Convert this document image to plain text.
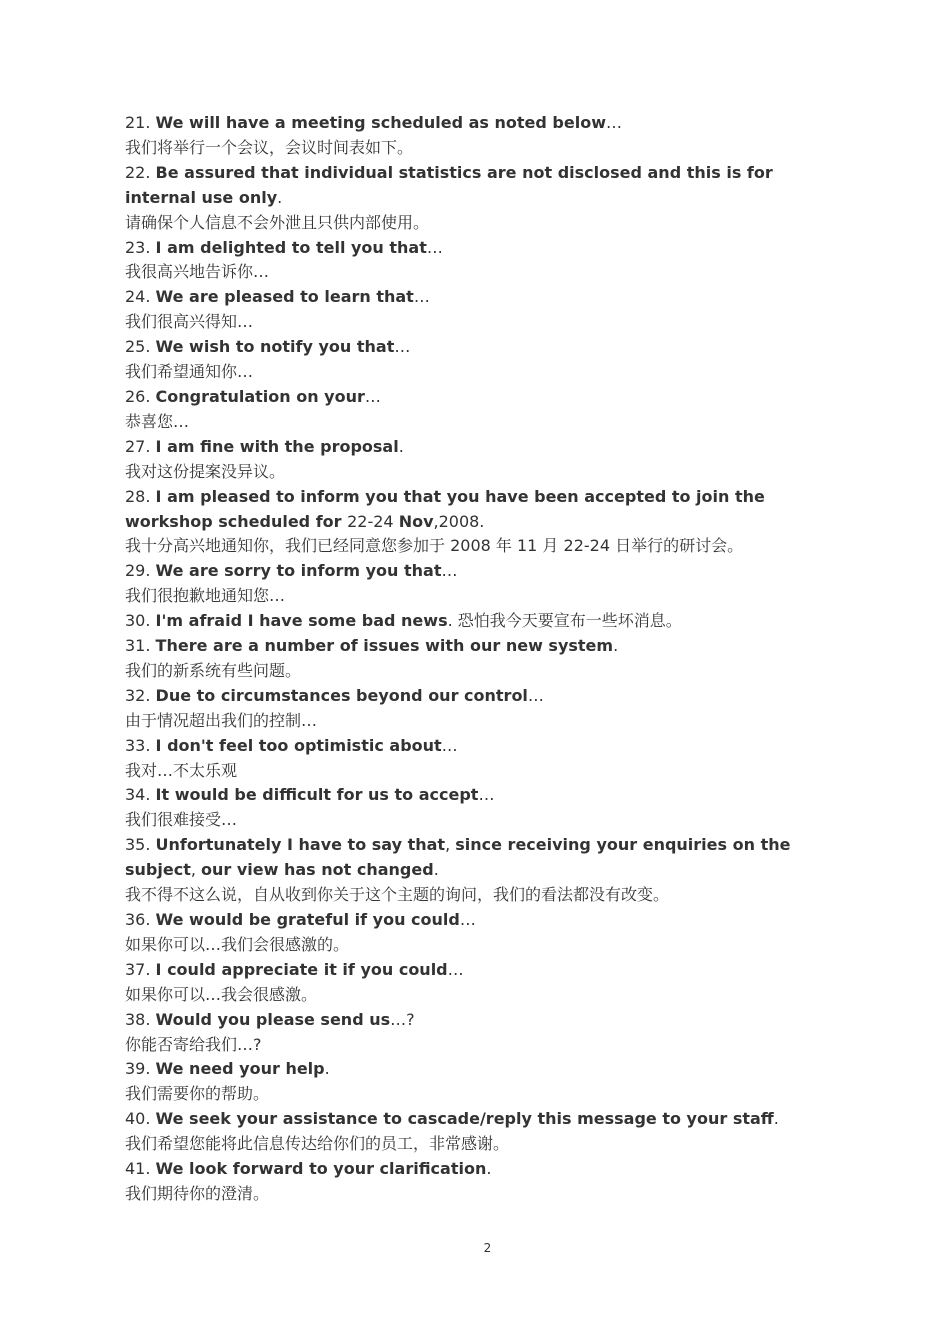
21. We will have a meeting scheduled as noted below…
我们将举行一个会议，会议时间表如下。
22. Be assured that individual statistics are not disclosed and this is for internal use only.
请确保个人信息不会外泄且只供内部使用。
23. I am delighted to tell you that…
我很高兴地告诉你…
24. We are pleased to learn that…
我们很高兴得知…
25. We wish to notify you that…
我们希望通知你…
26. Congratulation on your…
恭喜您…
27. I am fine with the proposal.
我对这份提案没异议。
28. I am pleased to inform you that you have been accepted to join the workshop scheduled for 22-24 Nov,2008.
我十分高兴地通知你，我们已经同意您参加于 2008 年 11 月 22-24 日举行的研讨会。
29. We are sorry to inform you that…
我们很抱歉地通知您…
30. I'm afraid I have some bad news. 恐怕我今天要宣布一些坏消息。
31. There are a number of issues with our new system.
我们的新系统有些问题。
32. Due to circumstances beyond our control…
由于情况超出我们的控制…
33. I don't feel too optimistic about…
我对…不太乐观
34. It would be difficult for us to accept…
我们很难接受…
35. Unfortunately I have to say that, since receiving your enquiries on the subject, our view has not changed.
我不得不这么说，自从收到你关于这个主题的询问，我们的看法都没有改变。
36. We would be grateful if you could…
如果你可以…我们会很感激的。
37. I could appreciate it if you could…
如果你可以…我会很感激。
38. Would you please send us…?
你能否寄给我们…?
39. We need your help.
我们需要你的帮助。
40. We seek your assistance to cascade/reply this message to your staff.
我们希望您能将此信息传达给你们的员工，非常感谢。
41. We look forward to your clarification.
我们期待你的澄清。
2
